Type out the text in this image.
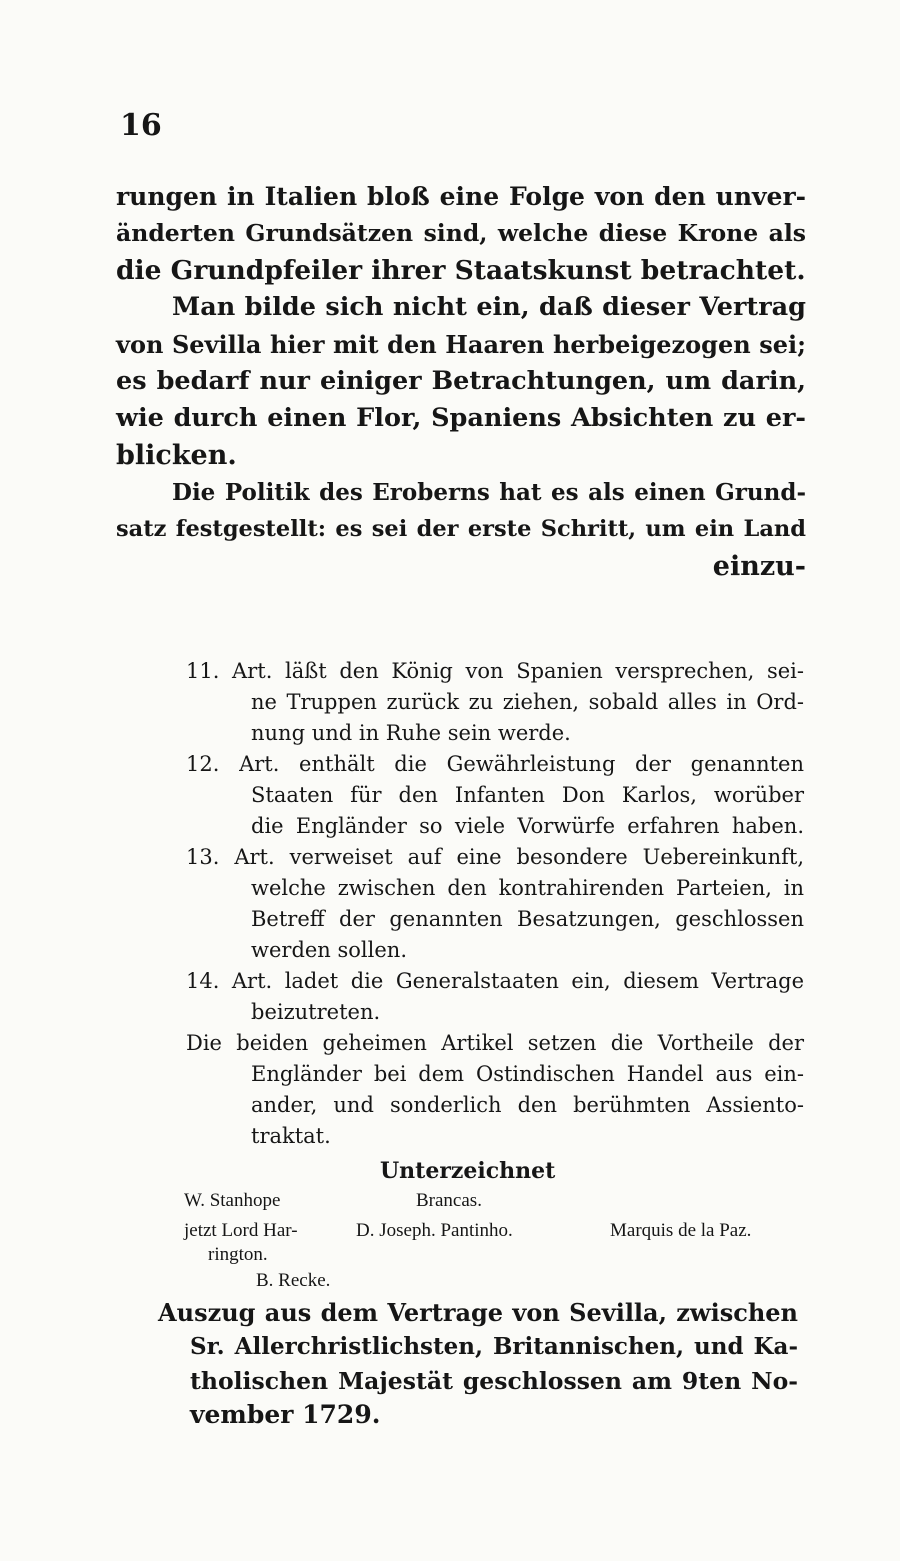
16
rungen in Italien bloß eine Folge von den unver-
änderten Grundsätzen sind, welche diese Krone als
die Grundpfeiler ihrer Staatskunst betrachtet.
Man bilde sich nicht ein, daß dieser Vertrag
von Sevilla hier mit den Haaren herbeigezogen sei;
es bedarf nur einiger Betrachtungen, um darin,
wie durch einen Flor, Spaniens Absichten zu er-
blicken.
Die Politik des Eroberns hat es als einen Grund-
satz festgestellt: es sei der erste Schritt, um ein Land
einzu-
11. Art. läßt den König von Spanien versprechen, sei-
ne Truppen zurück zu ziehen, sobald alles in Ord-
nung und in Ruhe sein werde.
12. Art. enthält die Gewährleistung der genannten
Staaten für den Infanten Don Karlos, worüber
die Engländer so viele Vorwürfe erfahren haben.
13. Art. verweiset auf eine besondere Uebereinkunft,
welche zwischen den kontrahirenden Parteien, in
Betreff der genannten Besatzungen, geschlossen
werden sollen.
14. Art. ladet die Generalstaaten ein, diesem Vertrage
beizutreten.
Die beiden geheimen Artikel setzen die Vortheile der
Engländer bei dem Ostindischen Handel aus ein-
ander, und sonderlich den berühmten Assiento-
traktat.
Unterzeichnet
W. Stanhope	Brancas.
jetzt Lord Har-	D. Joseph. Pantinho.	Marquis de la Paz.
rington.
B. Recke.
Auszug aus dem Vertrage von Sevilla, zwischen
Sr. Allerchristlichsten, Britannischen, und Ka-
tholischen Majestät geschlossen am 9ten No-
vember 1729.
